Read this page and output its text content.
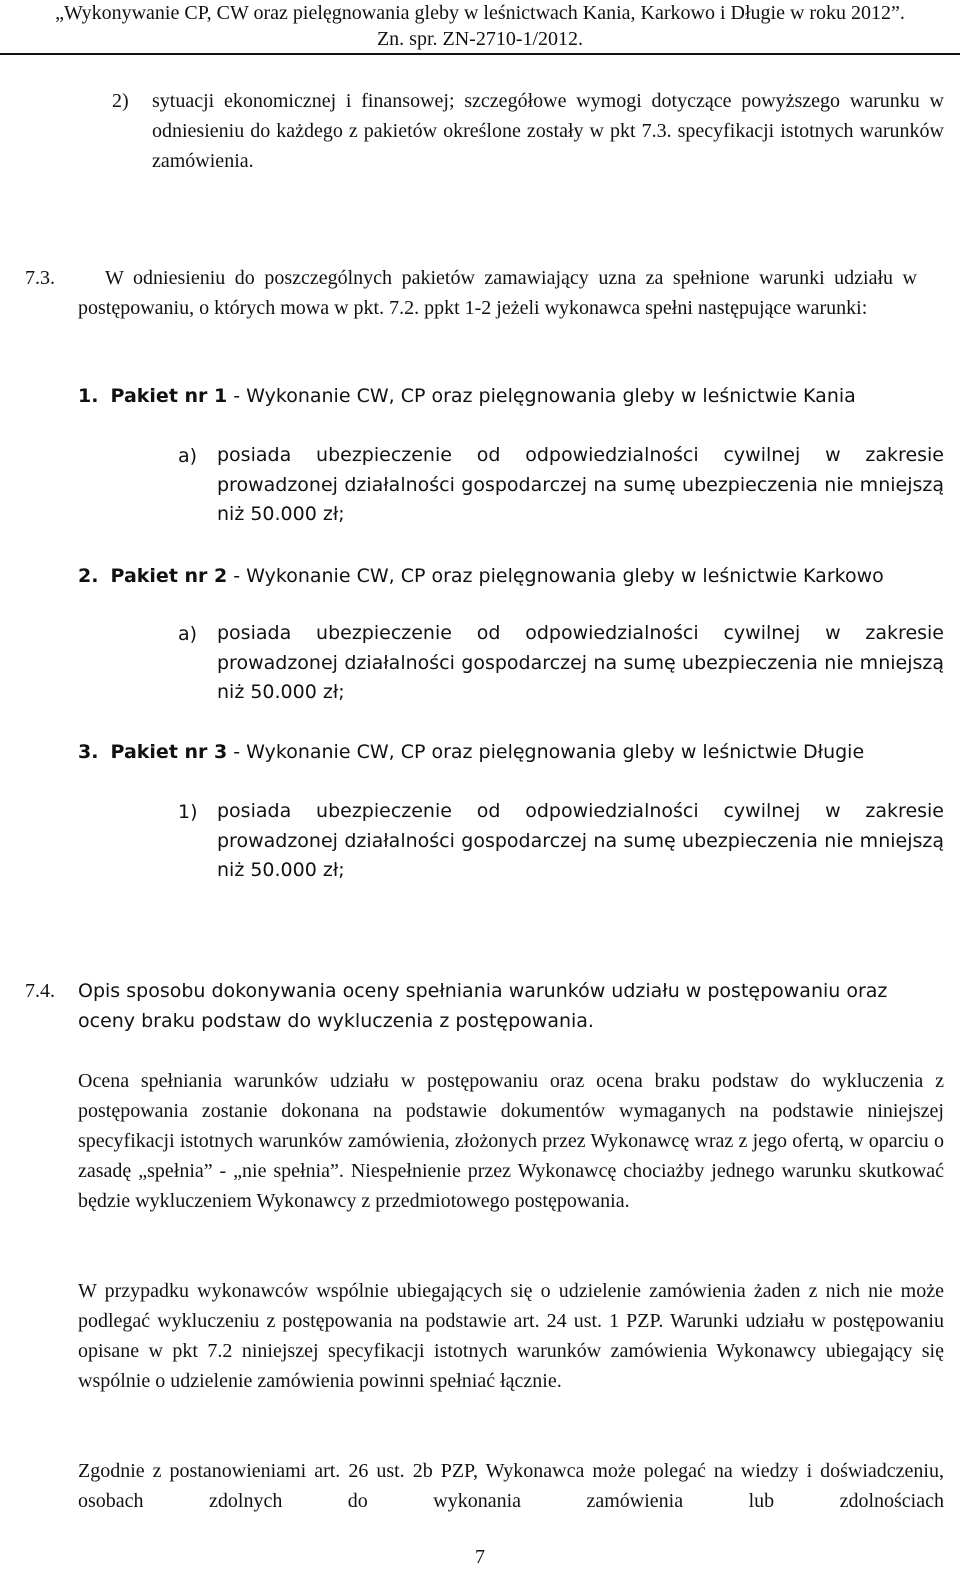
„Wykonywanie CP, CW oraz pielęgnowania gleby w leśnictwach Kania, Karkowo i Długie w roku 2012”.
Zn. spr. ZN-2710-1/2012.
2) sytuacji ekonomicznej i finansowej; szczegółowe wymogi dotyczące powyższego warunku w odniesieniu do każdego z pakietów określone zostały w pkt 7.3. specyfikacji istotnych warunków zamówienia.
7.3.	W odniesieniu do poszczególnych pakietów zamawiający uzna za spełnione warunki udziału w postępowaniu, o których mowa w pkt. 7.2. ppkt 1-2 jeżeli wykonawca spełni następujące warunki:
1. Pakiet nr 1 - Wykonanie CW, CP oraz pielęgnowania gleby w leśnictwie Kania
a) posiada ubezpieczenie od odpowiedzialności cywilnej w zakresie prowadzonej działalności gospodarczej na sumę ubezpieczenia nie mniejszą niż 50.000 zł;
2. Pakiet nr 2 - Wykonanie CW, CP oraz pielęgnowania gleby w leśnictwie Karkowo
a) posiada ubezpieczenie od odpowiedzialności cywilnej w zakresie prowadzonej działalności gospodarczej na sumę ubezpieczenia nie mniejszą niż 50.000 zł;
3. Pakiet nr 3 - Wykonanie CW, CP oraz pielęgnowania gleby w leśnictwie Długie
1) posiada ubezpieczenie od odpowiedzialności cywilnej w zakresie prowadzonej działalności gospodarczej na sumę ubezpieczenia nie mniejszą niż 50.000 zł;
7.4. Opis sposobu dokonywania oceny spełniania warunków udziału w postępowaniu oraz oceny braku podstaw do wykluczenia z postępowania.
Ocena spełniania warunków udziału w postępowaniu oraz ocena braku podstaw do wykluczenia z postępowania zostanie dokonana na podstawie dokumentów wymaganych na podstawie niniejszej specyfikacji istotnych warunków zamówienia, złożonych przez Wykonawcę wraz z jego ofertą, w oparciu o zasadę „spełnia” - „nie spełnia”. Niespełnienie przez Wykonawcę chociażby jednego warunku skutkować będzie wykluczeniem Wykonawcy z przedmiotowego postępowania.
W przypadku wykonawców wspólnie ubiegających się o udzielenie zamówienia żaden z nich nie może podlegać wykluczeniu z postępowania na podstawie art. 24 ust. 1 PZP. Warunki udziału w postępowaniu opisane w pkt 7.2 niniejszej specyfikacji istotnych warunków zamówienia Wykonawcy ubiegający się wspólnie o udzielenie zamówienia powinni spełniać łącznie.
Zgodnie z postanowieniami art. 26 ust. 2b PZP, Wykonawca może polegać na wiedzy i doświadczeniu, osobach zdolnych do wykonania zamówienia lub zdolnościach
7
